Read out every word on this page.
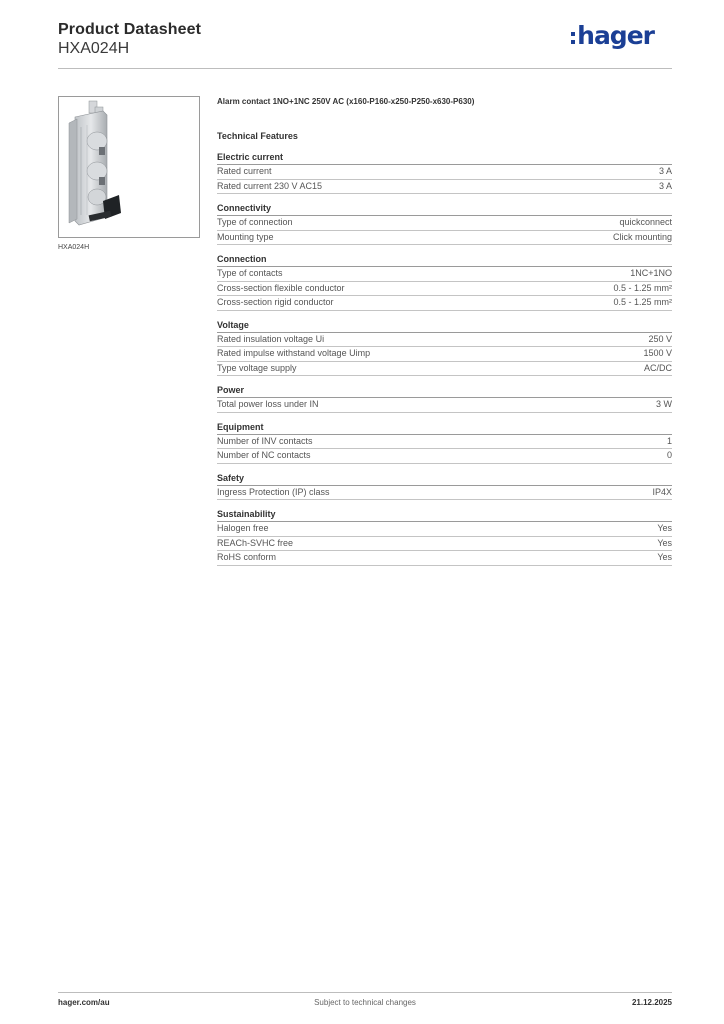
Product Datasheet
HXA024H	hager
HXA024H
Alarm contact 1NO+1NC 250V AC (x160-P160-x250-P250-x630-P630)
Technical Features
Electric current
Rated current	3 A
Rated current 230 V AC15	3 A
Connectivity
Type of connection	quickconnect
Mounting type	Click mounting
Connection
Type of contacts	1NC+1NO
Cross-section flexible conductor	0.5 - 1.25 mm²
Cross-section rigid conductor	0.5 - 1.25 mm²
Voltage
Rated insulation voltage Ui	250 V
Rated impulse withstand voltage Uimp	1500 V
Type voltage supply	AC/DC
Power
Total power loss under IN	3 W
Equipment
Number of INV contacts	1
Number of NC contacts	0
Safety
Ingress Protection (IP) class	IP4X
Sustainability
Halogen free	Yes
REACh-SVHC free	Yes
RoHS conform	Yes
hager.com/au	Subject to technical changes	21.12.2025
